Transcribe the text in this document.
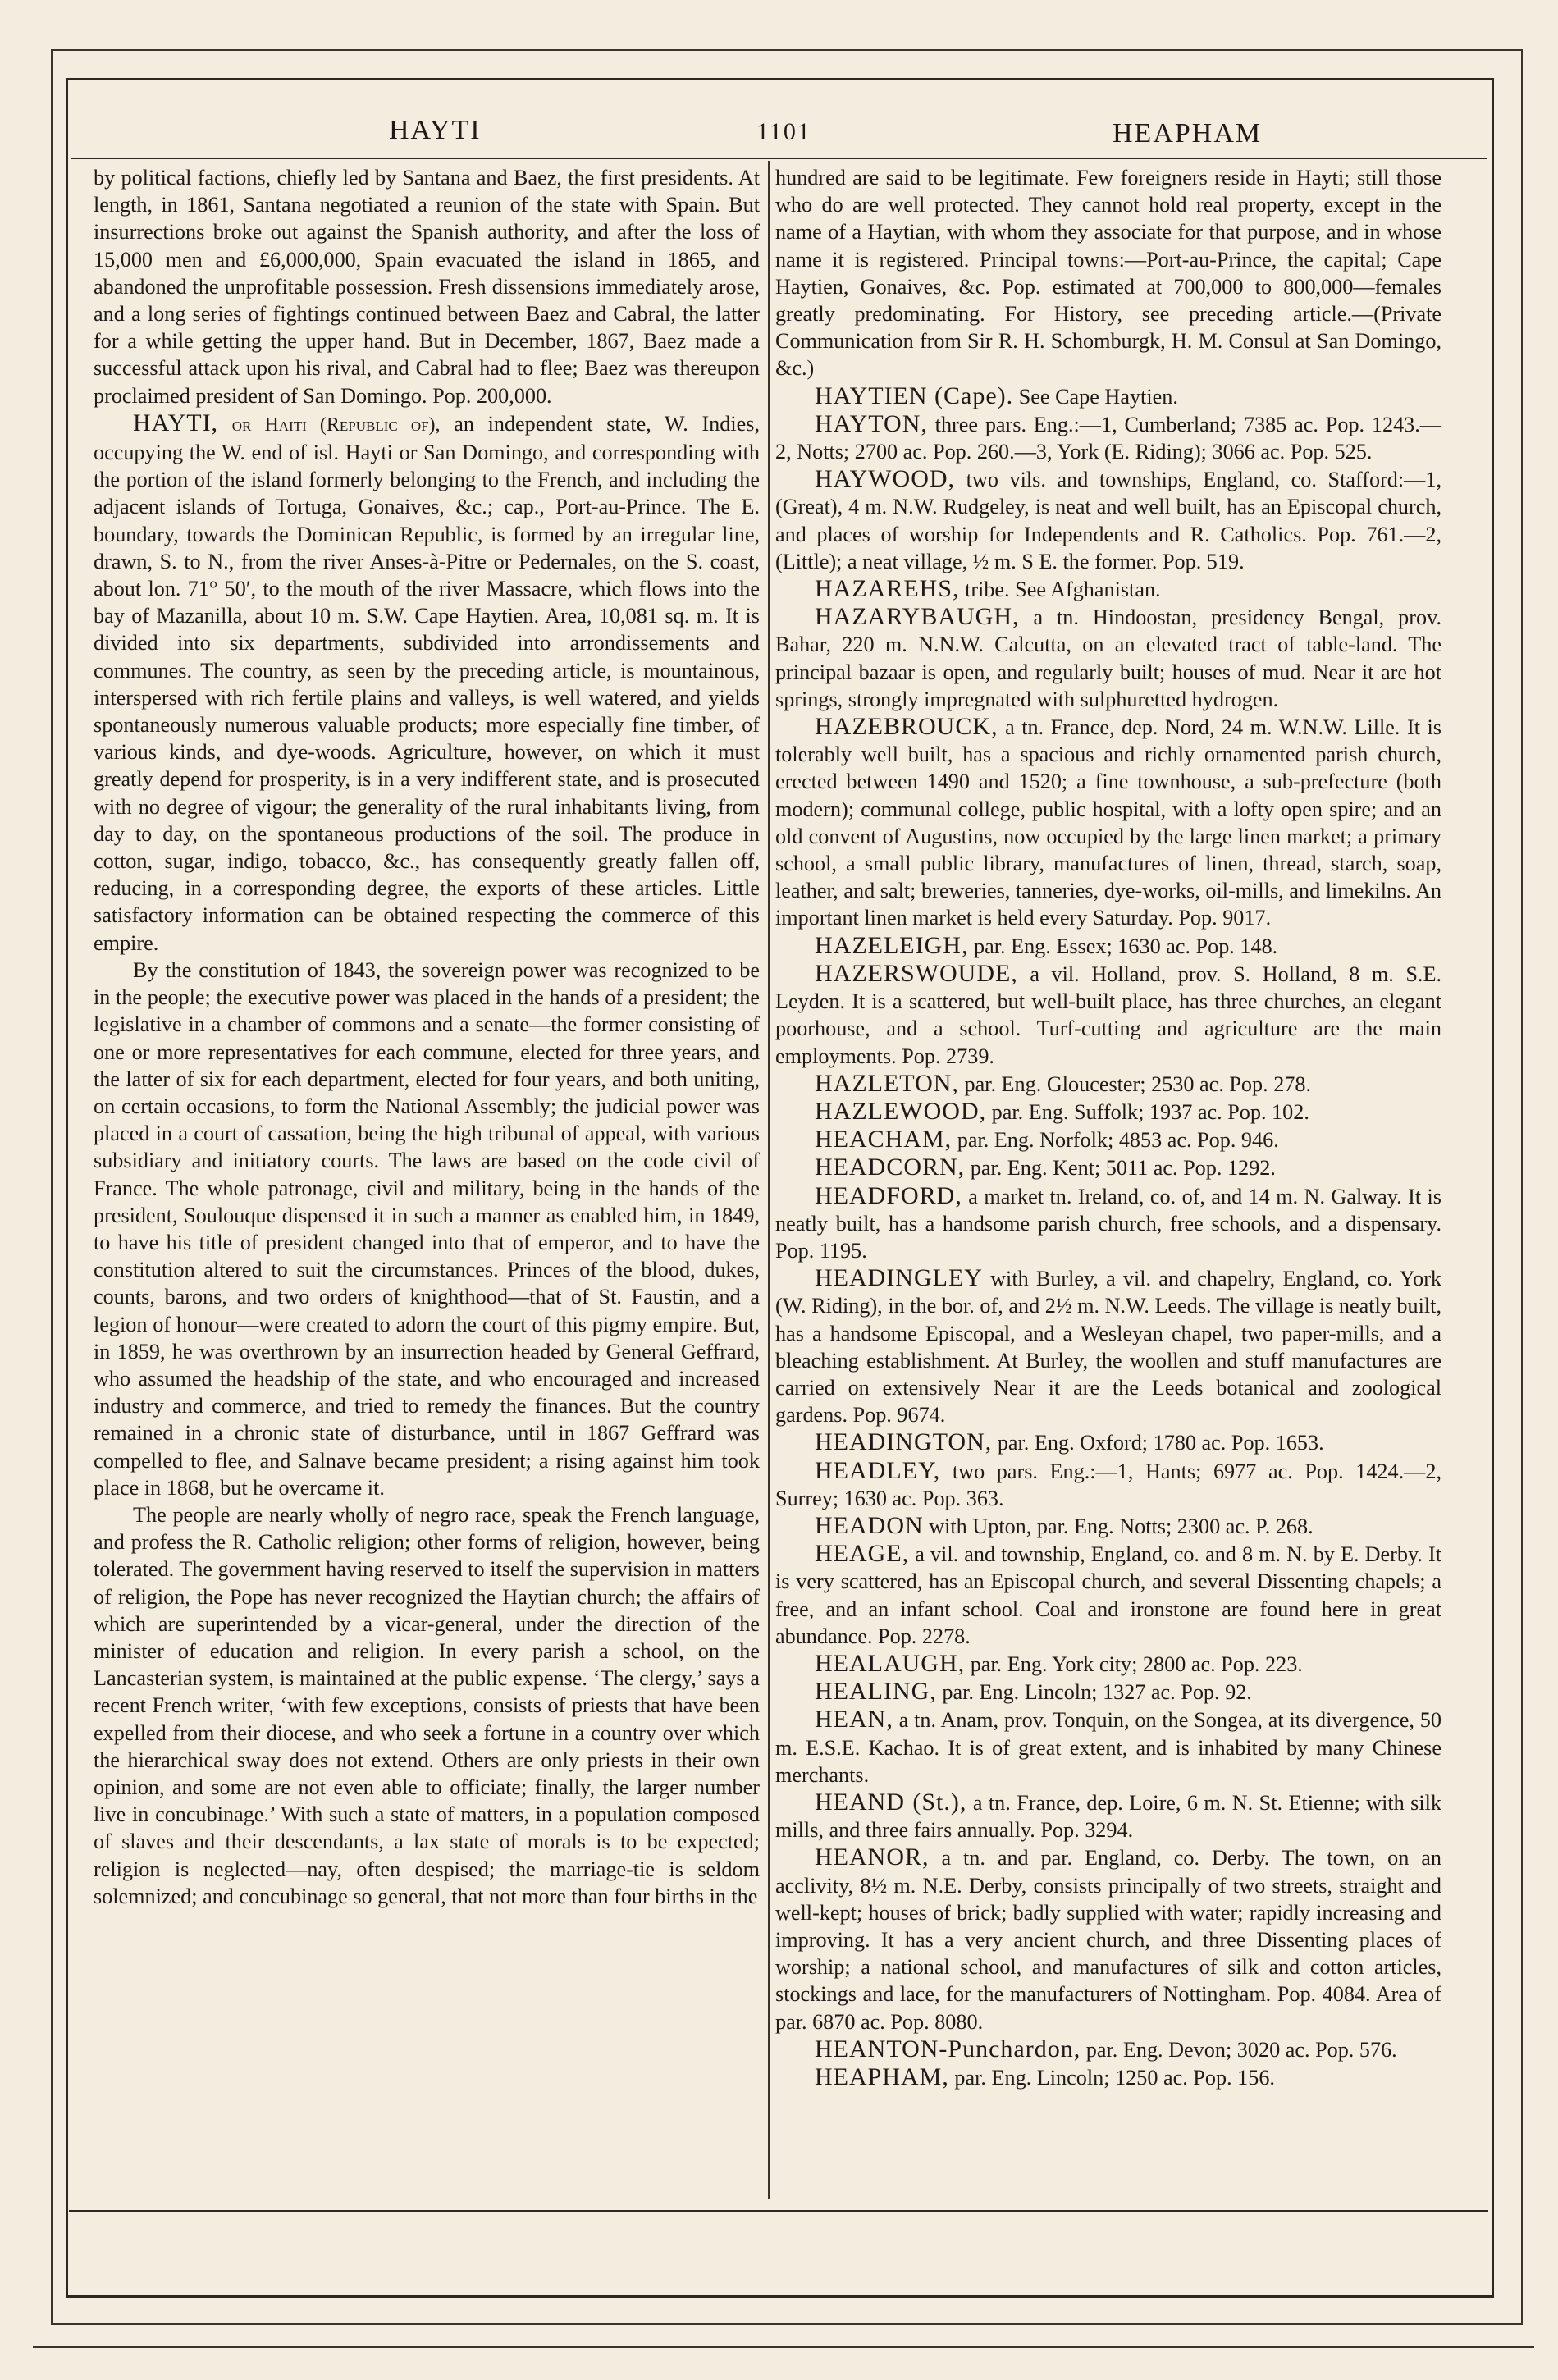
HAYTI	1101	HEAPHAM

by political factions, chiefly led by Santana and Baez, the first presidents. At length, in 1861, Santana negotiated a reunion of the state with Spain. But insurrections broke out against the Spanish authority, and after the loss of 15,000 men and £6,000,000, Spain evacuated the island in 1865, and abandoned the unprofitable possession. Fresh dissensions immediately arose, and a long series of fightings continued between Baez and Cabral, the latter for a while getting the upper hand. But in December, 1867, Baez made a successful attack upon his rival, and Cabral had to flee; Baez was thereupon proclaimed president of San Domingo. Pop. 200,000.

HAYTI, or Haiti (Republic of), an independent state, W. Indies, occupying the W. end of isl. Hayti or San Domingo, and corresponding with the portion of the island formerly belonging to the French, and including the adjacent islands of Tortuga, Gonaives, &c.; cap., Port-au-Prince. The E. boundary, towards the Dominican Republic, is formed by an irregular line, drawn, S. to N., from the river Anses-à-Pitre or Pedernales, on the S. coast, about lon. 71° 50′, to the mouth of the river Massacre, which flows into the bay of Mazanilla, about 10 m. S.W. Cape Haytien. Area, 10,081 sq. m. It is divided into six departments, subdivided into arrondissements and communes. The country, as seen by the preceding article, is mountainous, interspersed with rich fertile plains and valleys, is well watered, and yields spontaneously numerous valuable products; more especially fine timber, of various kinds, and dye-woods. Agriculture, however, on which it must greatly depend for prosperity, is in a very indifferent state, and is prosecuted with no degree of vigour; the generality of the rural inhabitants living, from day to day, on the spontaneous productions of the soil. The produce in cotton, sugar, indigo, tobacco, &c., has consequently greatly fallen off, reducing, in a corresponding degree, the exports of these articles. Little satisfactory information can be obtained respecting the commerce of this empire.

By the constitution of 1843, the sovereign power was recognized to be in the people; the executive power was placed in the hands of a president; the legislative in a chamber of commons and a senate—the former consisting of one or more representatives for each commune, elected for three years, and the latter of six for each department, elected for four years, and both uniting, on certain occasions, to form the National Assembly; the judicial power was placed in a court of cassation, being the high tribunal of appeal, with various subsidiary and initiatory courts. The laws are based on the code civil of France. The whole patronage, civil and military, being in the hands of the president, Soulouque dispensed it in such a manner as enabled him, in 1849, to have his title of president changed into that of emperor, and to have the constitution altered to suit the circumstances. Princes of the blood, dukes, counts, barons, and two orders of knighthood—that of St. Faustin, and a legion of honour—were created to adorn the court of this pigmy empire. But, in 1859, he was overthrown by an insurrection headed by General Geffrard, who assumed the headship of the state, and who encouraged and increased industry and commerce, and tried to remedy the finances. But the country remained in a chronic state of disturbance, until in 1867 Geffrard was compelled to flee, and Salnave became president; a rising against him took place in 1868, but he overcame it.

The people are nearly wholly of negro race, speak the French language, and profess the R. Catholic religion; other forms of religion, however, being tolerated. The government having reserved to itself the supervision in matters of religion, the Pope has never recognized the Haytian church; the affairs of which are superintended by a vicar-general, under the direction of the minister of education and religion. In every parish a school, on the Lancasterian system, is maintained at the public expense. ‘The clergy,’ says a recent French writer, ‘with few exceptions, consists of priests that have been expelled from their diocese, and who seek a fortune in a country over which the hierarchical sway does not extend. Others are only priests in their own opinion, and some are not even able to officiate; finally, the larger number live in concubinage.’ With such a state of matters, in a population composed of slaves and their descendants, a lax state of morals is to be expected; religion is neglected—nay, often despised; the marriage-tie is seldom solemnized; and concubinage so general, that not more than four births in the

hundred are said to be legitimate. Few foreigners reside in Hayti; still those who do are well protected. They cannot hold real property, except in the name of a Haytian, with whom they associate for that purpose, and in whose name it is registered. Principal towns:—Port-au-Prince, the capital; Cape Haytien, Gonaives, &c. Pop. estimated at 700,000 to 800,000—females greatly predominating. For History, see preceding article.—(Private Communication from Sir R. H. Schomburgk, H. M. Consul at San Domingo, &c.)

HAYTIEN (Cape). See Cape Haytien.

HAYTON, three pars. Eng.:—1, Cumberland; 7385 ac. Pop. 1243.—2, Notts; 2700 ac. Pop. 260.—3, York (E. Riding); 3066 ac. Pop. 525.

HAYWOOD, two vils. and townships, England, co. Stafford:—1, (Great), 4 m. N.W. Rudgeley, is neat and well built, has an Episcopal church, and places of worship for Independents and R. Catholics. Pop. 761.—2, (Little); a neat village, ½ m. S E. the former. Pop. 519.

HAZAREHS, tribe. See Afghanistan.

HAZARYBAUGH, a tn. Hindoostan, presidency Bengal, prov. Bahar, 220 m. N.N.W. Calcutta, on an elevated tract of table-land. The principal bazaar is open, and regularly built; houses of mud. Near it are hot springs, strongly impregnated with sulphuretted hydrogen.

HAZEBROUCK, a tn. France, dep. Nord, 24 m. W.N.W. Lille. It is tolerably well built, has a spacious and richly ornamented parish church, erected between 1490 and 1520; a fine townhouse, a sub-prefecture (both modern); communal college, public hospital, with a lofty open spire; and an old convent of Augustins, now occupied by the large linen market; a primary school, a small public library, manufactures of linen, thread, starch, soap, leather, and salt; breweries, tanneries, dye-works, oil-mills, and limekilns. An important linen market is held every Saturday. Pop. 9017.

HAZELEIGH, par. Eng. Essex; 1630 ac. Pop. 148.

HAZERSWOUDE, a vil. Holland, prov. S. Holland, 8 m. S.E. Leyden. It is a scattered, but well-built place, has three churches, an elegant poorhouse, and a school. Turf-cutting and agriculture are the main employments. Pop. 2739.

HAZLETON, par. Eng. Gloucester; 2530 ac. Pop. 278.

HAZLEWOOD, par. Eng. Suffolk; 1937 ac. Pop. 102.

HEACHAM, par. Eng. Norfolk; 4853 ac. Pop. 946.

HEADCORN, par. Eng. Kent; 5011 ac. Pop. 1292.

HEADFORD, a market tn. Ireland, co. of, and 14 m. N. Galway. It is neatly built, has a handsome parish church, free schools, and a dispensary. Pop. 1195.

HEADINGLEY with Burley, a vil. and chapelry, England, co. York (W. Riding), in the bor. of, and 2½ m. N.W. Leeds. The village is neatly built, has a handsome Episcopal, and a Wesleyan chapel, two paper-mills, and a bleaching establishment. At Burley, the woollen and stuff manufactures are carried on extensively Near it are the Leeds botanical and zoological gardens. Pop. 9674.

HEADINGTON, par. Eng. Oxford; 1780 ac. Pop. 1653.

HEADLEY, two pars. Eng.:—1, Hants; 6977 ac. Pop. 1424.—2, Surrey; 1630 ac. Pop. 363.

HEADON with Upton, par. Eng. Notts; 2300 ac. P. 268.

HEAGE, a vil. and township, England, co. and 8 m. N. by E. Derby. It is very scattered, has an Episcopal church, and several Dissenting chapels; a free, and an infant school. Coal and ironstone are found here in great abundance. Pop. 2278.

HEALAUGH, par. Eng. York city; 2800 ac. Pop. 223.

HEALING, par. Eng. Lincoln; 1327 ac. Pop. 92.

HEAN, a tn. Anam, prov. Tonquin, on the Songea, at its divergence, 50 m. E.S.E. Kachao. It is of great extent, and is inhabited by many Chinese merchants.

HEAND (St.), a tn. France, dep. Loire, 6 m. N. St. Etienne; with silk mills, and three fairs annually. Pop. 3294.

HEANOR, a tn. and par. England, co. Derby. The town, on an acclivity, 8½ m. N.E. Derby, consists principally of two streets, straight and well-kept; houses of brick; badly supplied with water; rapidly increasing and improving. It has a very ancient church, and three Dissenting places of worship; a national school, and manufactures of silk and cotton articles, stockings and lace, for the manufacturers of Nottingham. Pop. 4084. Area of par. 6870 ac. Pop. 8080.

HEANTON-Punchardon, par. Eng. Devon; 3020 ac. Pop. 576.

HEAPHAM, par. Eng. Lincoln; 1250 ac. Pop. 156.
